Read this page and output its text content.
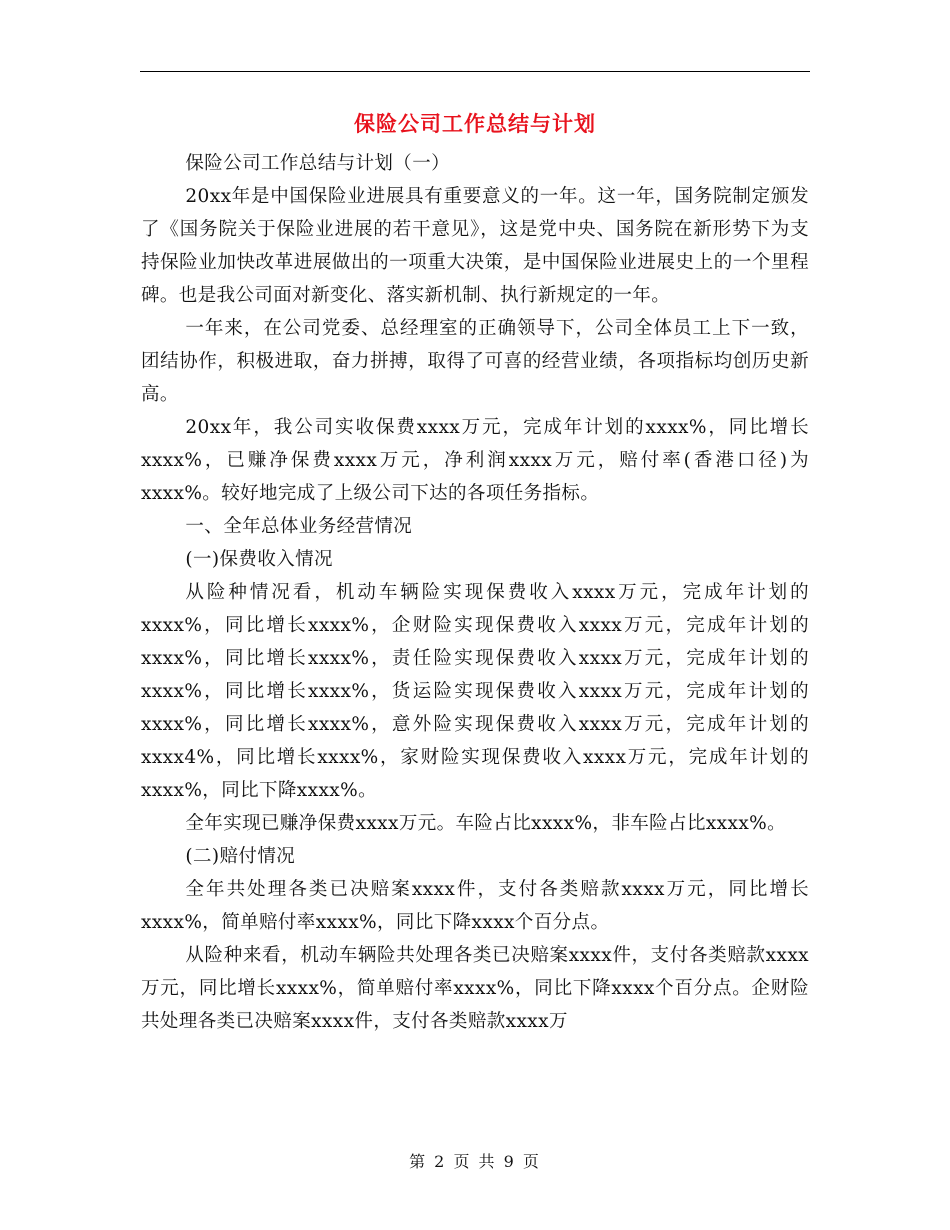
保险公司工作总结与计划

保险公司工作总结与计划（一）

20xx年是中国保险业进展具有重要意义的一年。这一年，国务院制定颁发了《国务院关于保险业进展的若干意见》，这是党中央、国务院在新形势下为支持保险业加快改革进展做出的一项重大决策，是中国保险业进展史上的一个里程碑。也是我公司面对新变化、落实新机制、执行新规定的一年。

一年来，在公司党委、总经理室的正确领导下，公司全体员工上下一致，团结协作，积极进取，奋力拼搏，取得了可喜的经营业绩，各项指标均创历史新高。

20xx年，我公司实收保费xxxx万元，完成年计划的xxxx%，同比增长xxxx%，已赚净保费xxxx万元，净利润xxxx万元，赔付率(香港口径)为xxxx%。较好地完成了上级公司下达的各项任务指标。

一、全年总体业务经营情况

(一)保费收入情况

从险种情况看，机动车辆险实现保费收入xxxx万元，完成年计划的xxxx%，同比增长xxxx%，企财险实现保费收入xxxx万元，完成年计划的xxxx%，同比增长xxxx%，责任险实现保费收入xxxx万元，完成年计划的xxxx%，同比增长xxxx%，货运险实现保费收入xxxx万元，完成年计划的xxxx%，同比增长xxxx%，意外险实现保费收入xxxx万元，完成年计划的xxxx4%，同比增长xxxx%，家财险实现保费收入xxxx万元，完成年计划的xxxx%，同比下降xxxx%。

全年实现已赚净保费xxxx万元。车险占比xxxx%，非车险占比xxxx%。

(二)赔付情况

全年共处理各类已决赔案xxxx件，支付各类赔款xxxx万元，同比增长xxxx%，简单赔付率xxxx%，同比下降xxxx个百分点。

从险种来看，机动车辆险共处理各类已决赔案xxxx件，支付各类赔款xxxx万元，同比增长xxxx%，简单赔付率xxxx%，同比下降xxxx个百分点。企财险共处理各类已决赔案xxxx件，支付各类赔款xxxx万

第 2 页 共 9 页
